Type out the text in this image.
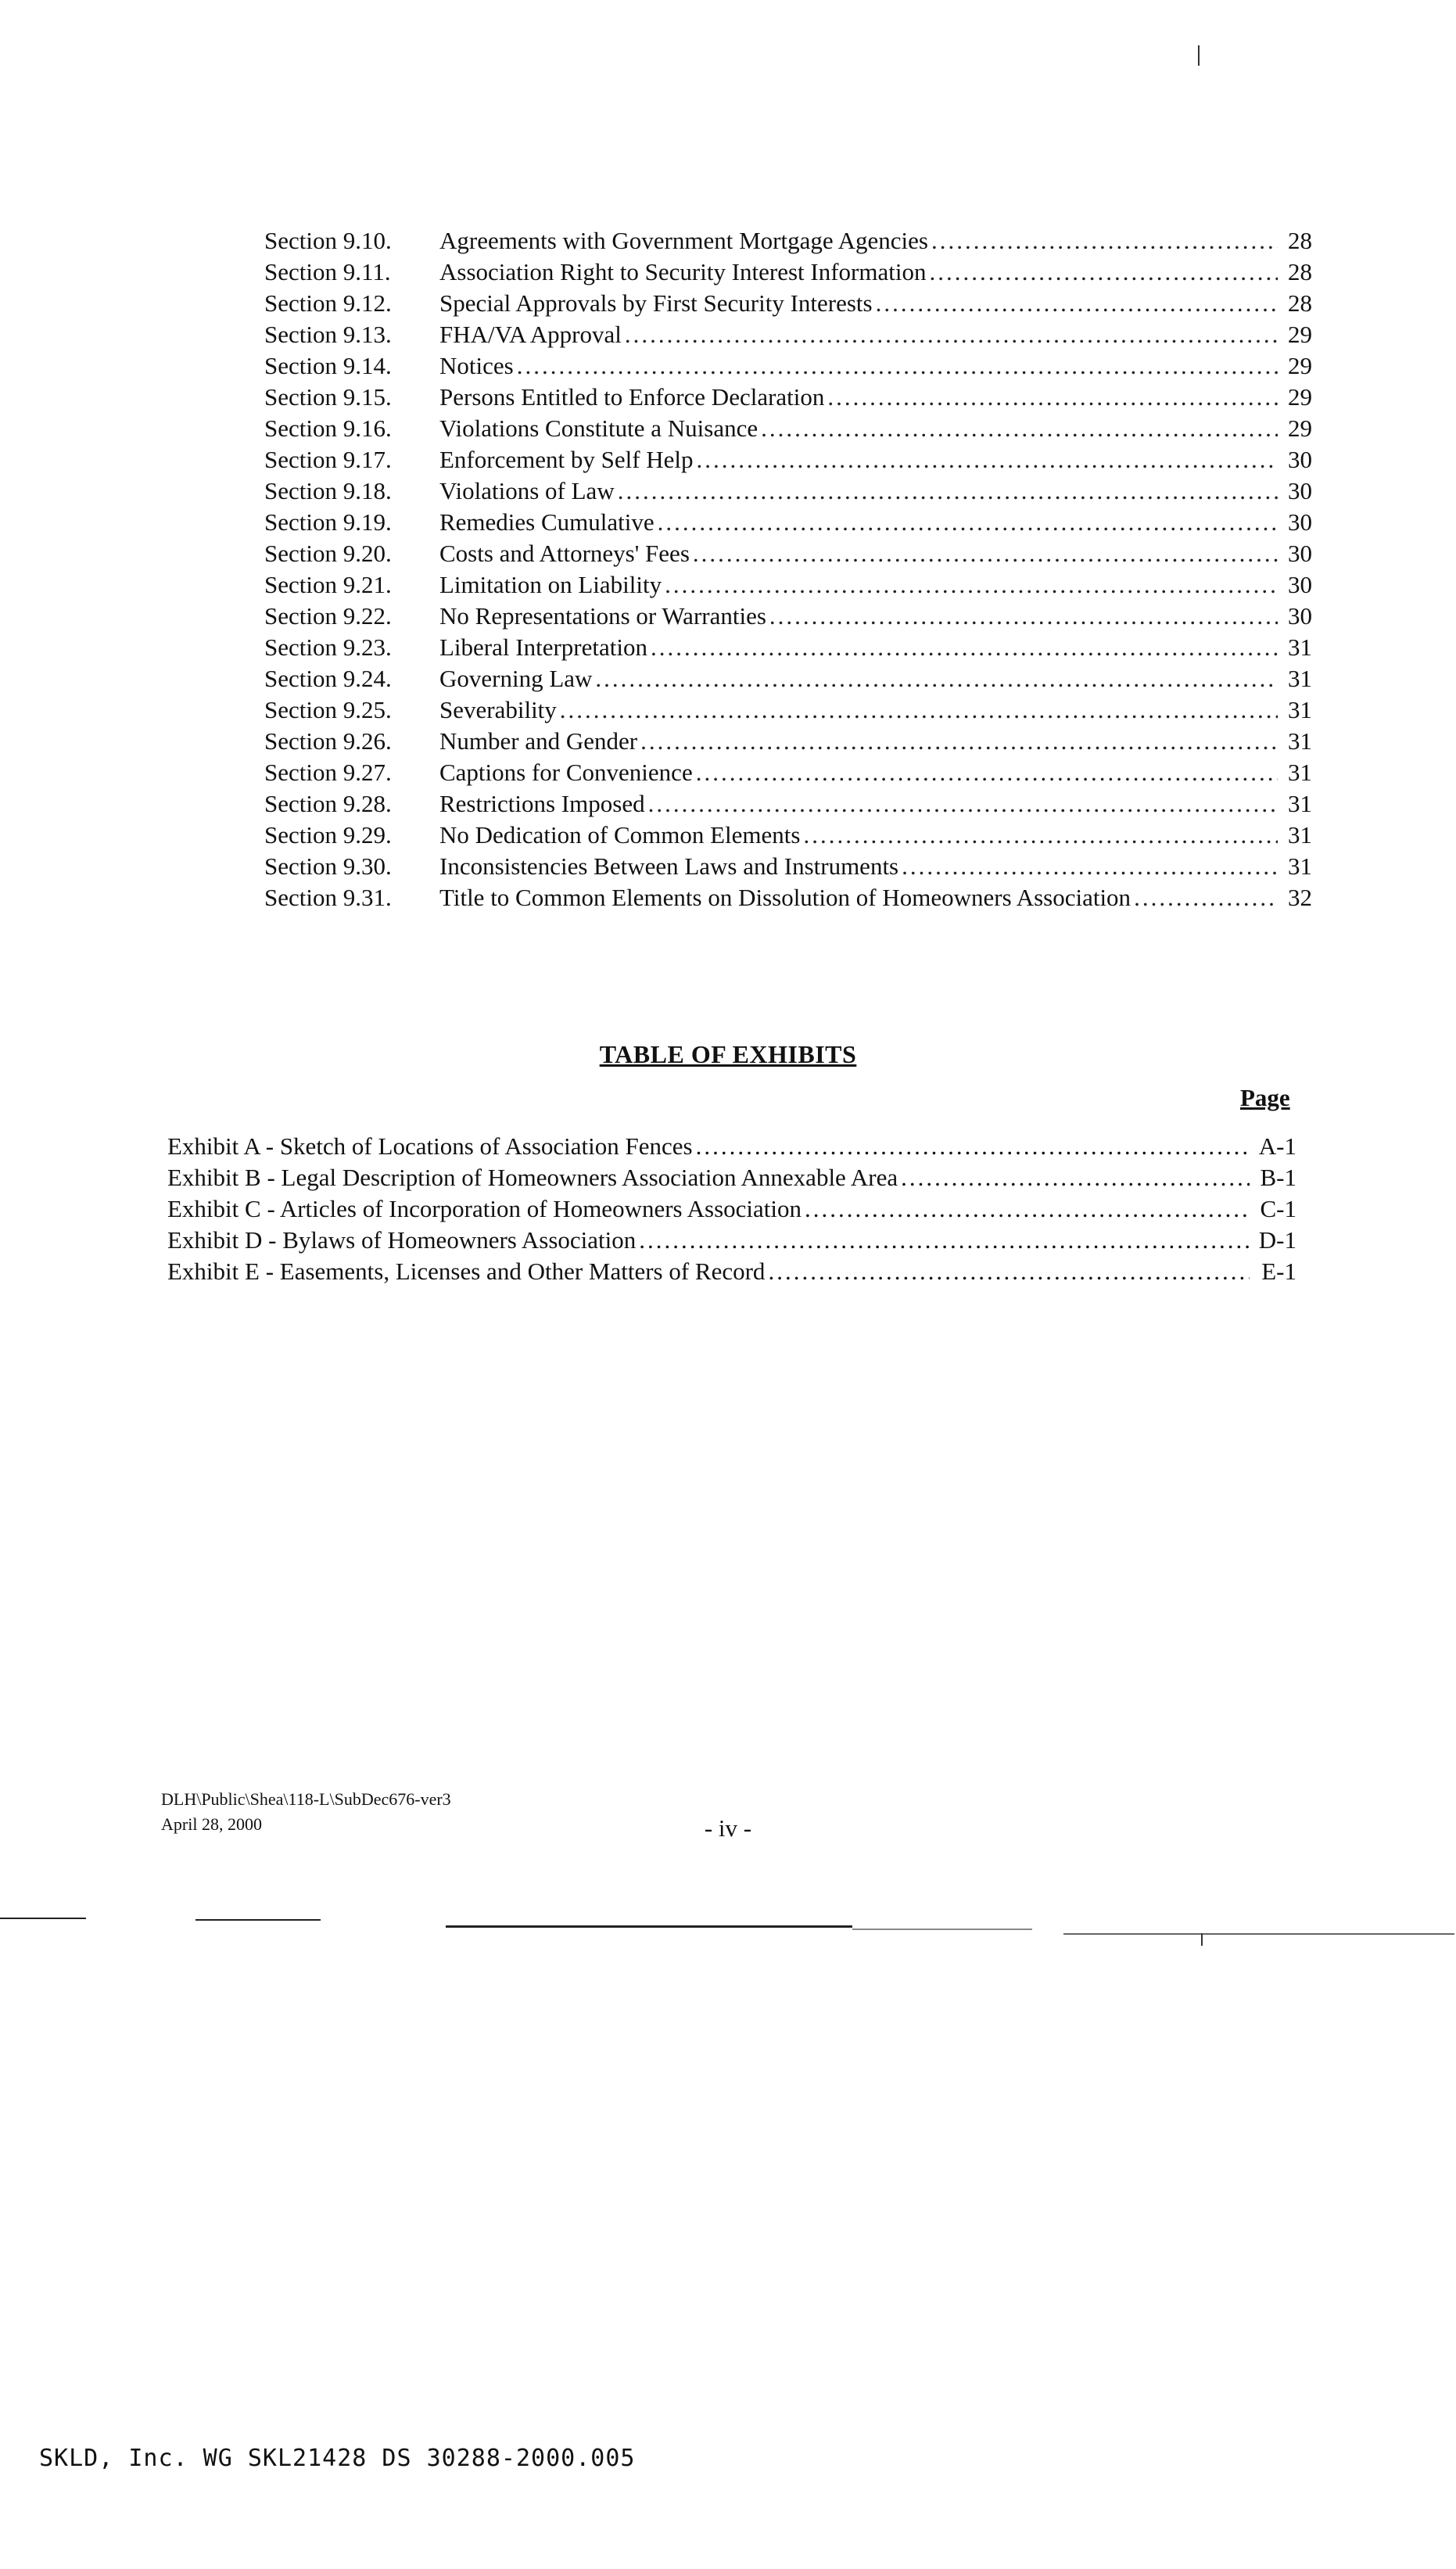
Section 9.10.	Agreements with Government Mortgage Agencies .....	28
Section 9.11.	Association Right to Security Interest Information .....	28
Section 9.12.	Special Approvals by First Security Interests .....	28
Section 9.13.	FHA/VA Approval .....	29
Section 9.14.	Notices .....	29
Section 9.15.	Persons Entitled to Enforce Declaration .....	29
Section 9.16.	Violations Constitute a Nuisance .....	29
Section 9.17.	Enforcement by Self Help .....	30
Section 9.18.	Violations of Law .....	30
Section 9.19.	Remedies Cumulative .....	30
Section 9.20.	Costs and Attorneys' Fees .....	30
Section 9.21.	Limitation on Liability .....	30
Section 9.22.	No Representations or Warranties .....	30
Section 9.23.	Liberal Interpretation .....	31
Section 9.24.	Governing Law .....	31
Section 9.25.	Severability .....	31
Section 9.26.	Number and Gender .....	31
Section 9.27.	Captions for Convenience .....	31
Section 9.28.	Restrictions Imposed .....	31
Section 9.29.	No Dedication of Common Elements .....	31
Section 9.30.	Inconsistencies Between Laws and Instruments .....	31
Section 9.31.	Title to Common Elements on Dissolution of Homeowners Association .....	32
TABLE OF EXHIBITS
Page
Exhibit A - Sketch of Locations of Association Fences .....	A-1
Exhibit B - Legal Description of Homeowners Association Annexable Area .....	B-1
Exhibit C - Articles of Incorporation of Homeowners Association .....	C-1
Exhibit D - Bylaws of Homeowners Association .....	D-1
Exhibit E - Easements, Licenses and Other Matters of Record .....	E-1
DLH\Public\Shea\118-L\SubDec676-ver3
April 28, 2000	- iv -
SKLD, Inc. WG SKL21428 DS 30288-2000.005
